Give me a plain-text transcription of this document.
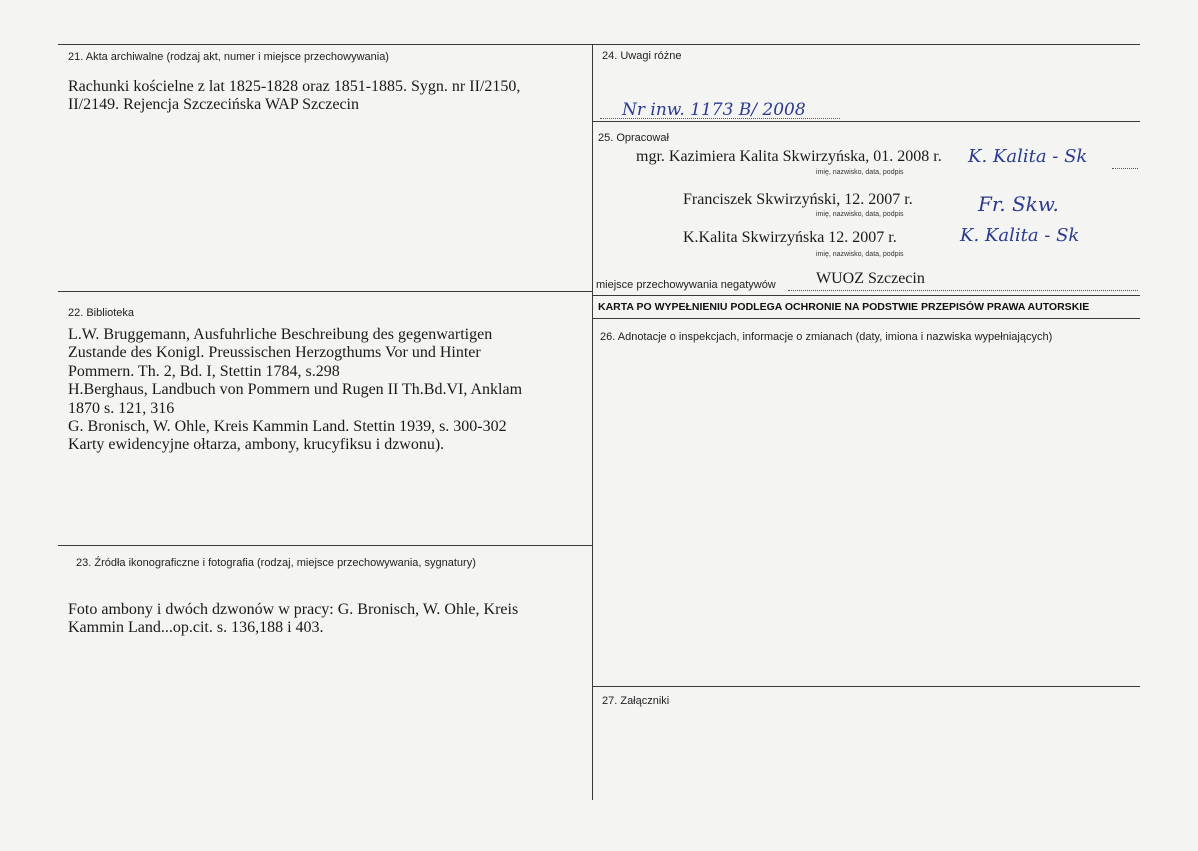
21. Akta archiwalne (rodzaj akt, numer i miejsce przechowywania)
Rachunki kościelne z lat 1825-1828 oraz 1851-1885. Sygn. nr II/2150,
II/2149. Rejencja Szczecińska WAP Szczecin
22. Biblioteka
L.W. Bruggemann, Ausfuhrliche Beschreibung des gegenwartigen
Zustande des Konigl. Preussischen Herzogthums Vor und Hinter
Pommern. Th. 2, Bd. I, Stettin 1784, s.298
H.Berghaus, Landbuch von Pommern und Rugen II Th.Bd.VI, Anklam
1870 s. 121, 316
G. Bronisch, W. Ohle, Kreis Kammin Land. Stettin 1939, s. 300-302
Karty ewidencyjne ołtarza, ambony, krucyfiksu i dzwonu).
23. Źródła ikonograficzne i fotografia (rodzaj, miejsce przechowywania, sygnatury)
Foto ambony i dwóch dzwonów w pracy: G. Bronisch, W. Ohle, Kreis
Kammin Land...op.cit. s. 136,188 i 403.
24. Uwagi różne
Nr inw. 1173 B/ 2008
25. Opracował
mgr. Kazimiera Kalita Skwirzyńska, 01. 2008 r.
imię, nazwisko, data, podpis
K. Kalita - Sk
Franciszek Skwirzyński, 12. 2007 r.
imię, nazwisko, data, podpis	Fr. Skw.
K.Kalita Skwirzyńska 12. 2007 r.
imię, nazwisko, data, podpis
K. Kalita - Sk
miejsce przechowywania negatywów	WUOZ Szczecin
KARTA PO WYPEŁNIENIU PODLEGA OCHRONIE NA PODSTWIE PRZEPISÓW PRAWA AUTORSKIE
26. Adnotacje o inspekcjach, informacje o zmianach (daty, imiona i nazwiska wypełniających)
27. Załączniki
